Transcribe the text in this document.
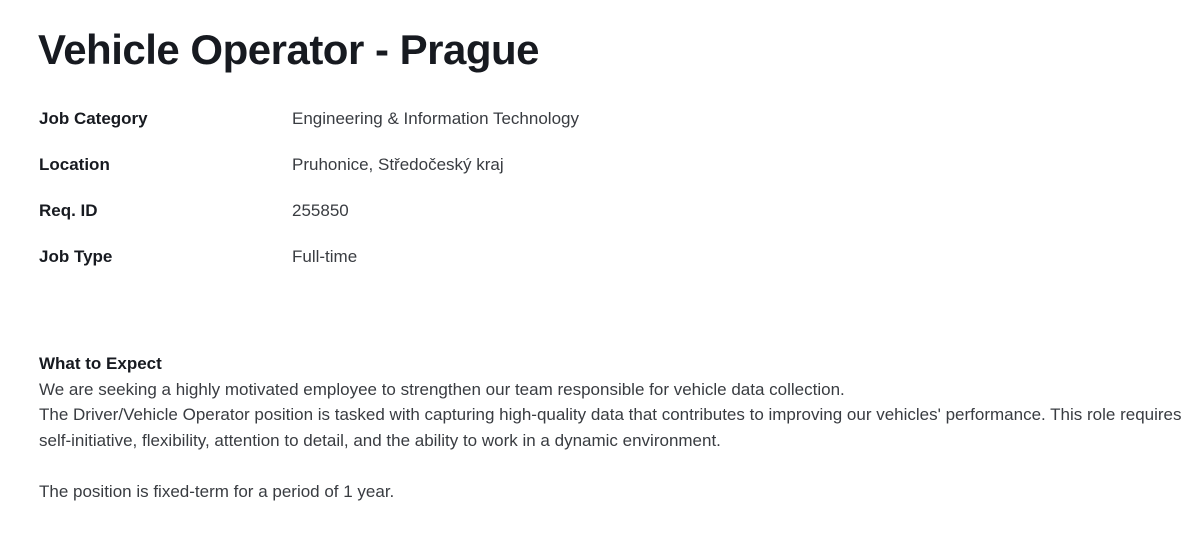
Vehicle Operator - Prague
Job Category	Engineering & Information Technology
Location	Pruhonice, Středočeský kraj
Req. ID	255850
Job Type	Full-time
What to Expect

We are seeking a highly motivated employee to strengthen our team responsible for vehicle data collection.

The Driver/Vehicle Operator position is tasked with capturing high-quality data that contributes to improving our vehicles' performance. This role requires self-initiative, flexibility, attention to detail, and the ability to work in a dynamic environment.

The position is fixed-term for a period of 1 year.
